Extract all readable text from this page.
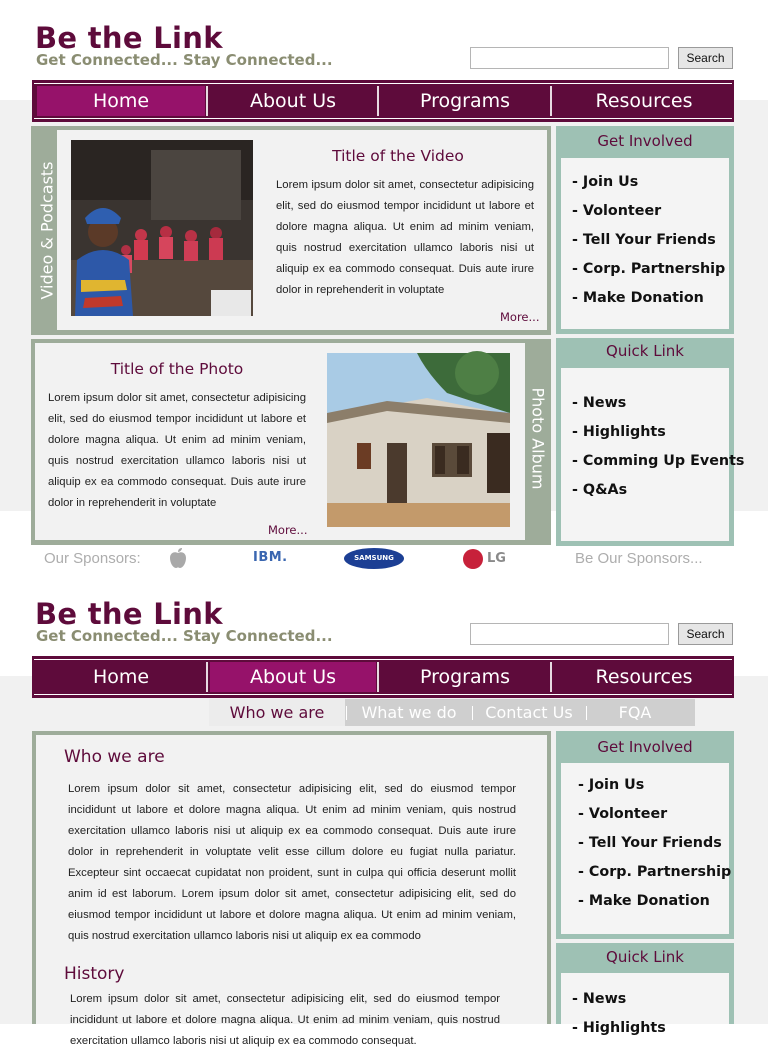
Be the Link
Get Connected... Stay Connected...	Search
Home	About Us	Programs	Resources
Video & Podcasts
Title of the Video

Lorem ipsum dolor sit amet, consectetur adipisicing elit, sed do eiusmod tempor incididunt ut labore et dolore magna aliqua. Ut enim ad minim veniam, quis nostrud exercitation ullamco laboris nisi ut aliquip ex ea commodo consequat. Duis aute irure dolor in reprehenderit in voluptate

More...
Title of the Photo

Lorem ipsum dolor sit amet, consectetur adipisicing elit, sed do eiusmod tempor incididunt ut labore et dolore magna aliqua. Ut enim ad minim veniam, quis nostrud exercitation ullamco laboris nisi ut aliquip ex ea commodo consequat. Duis aute irure dolor in reprehenderit in voluptate

More...
Photo Album
Get Involved
- Join Us
- Volonteer
- Tell Your Friends
- Corp. Partnership
- Make Donation
Quick Link
- News
- Highlights
- Comming Up Events
- Q&As
Our Sponsors:	IBM.	SAMSUNG	LG	Be Our Sponsors...
Be the Link
Get Connected... Stay Connected...	Search
Home	About Us	Programs	Resources
Who we are	What we do	Contact Us	FQA
Who we are

Lorem ipsum dolor sit amet, consectetur adipisicing elit, sed do eiusmod tempor incididunt ut labore et dolore magna aliqua. Ut enim ad minim veniam, quis nostrud exercitation ullamco laboris nisi ut aliquip ex ea commodo consequat. Duis aute irure dolor in reprehenderit in voluptate velit esse cillum dolore eu fugiat nulla pariatur. Excepteur sint occaecat cupidatat non proident, sunt in culpa qui officia deserunt mollit anim id est laborum. Lorem ipsum dolor sit amet, consectetur adipisicing elit, sed do eiusmod tempor incididunt ut labore et dolore magna aliqua. Ut enim ad minim veniam, quis nostrud exercitation ullamco laboris nisi ut aliquip ex ea commodo

History

Lorem ipsum dolor sit amet, consectetur adipisicing elit, sed do eiusmod tempor incididunt ut labore et dolore magna aliqua. Ut enim ad minim veniam, quis nostrud exercitation ullamco laboris nisi ut aliquip ex ea commodo consequat.

Get Involved
- Join Us
- Volonteer
- Tell Your Friends
- Corp. Partnership
- Make Donation
Quick Link
- News
- Highlights
